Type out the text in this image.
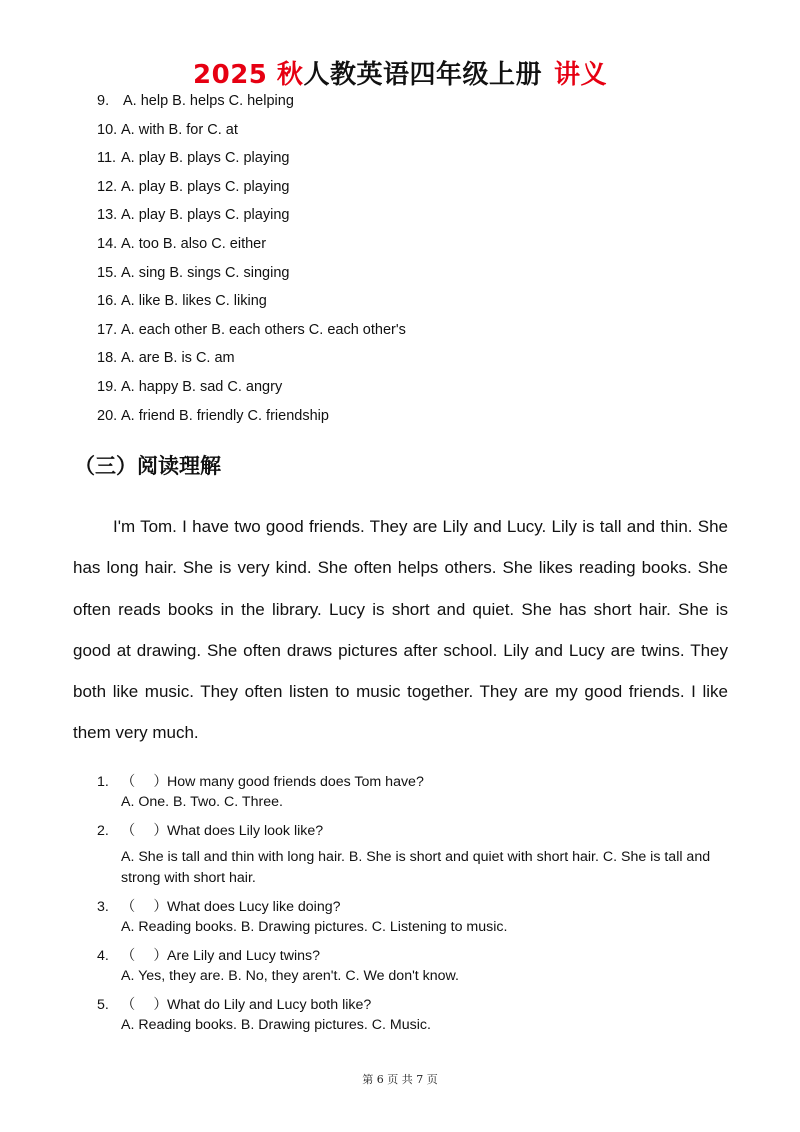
2025 秋人教英语四年级上册 讲义
9. A. help B. helps C. helping
10. A. with B. for C. at
11. A. play B. plays C. playing
12. A. play B. plays C. playing
13. A. play B. plays C. playing
14. A. too B. also C. either
15. A. sing B. sings C. singing
16. A. like B. likes C. liking
17. A. each other B. each others C. each other's
18. A. are B. is C. am
19. A. happy B. sad C. angry
20. A. friend B. friendly C. friendship
（三）阅读理解
I'm Tom. I have two good friends. They are Lily and Lucy. Lily is tall and thin. She has long hair. She is very kind. She often helps others. She likes reading books. She often reads books in the library. Lucy is short and quiet. She has short hair. She is good at drawing. She often draws pictures after school. Lily and Lucy are twins. They both like music. They often listen to music together. They are my good friends. I like them very much.
1. （　 ） How many good friends does Tom have?
A. One. B. Two. C. Three.
2. （　 ） What does Lily look like?
A. She is tall and thin with long hair. B. She is short and quiet with short hair. C. She is tall and strong with short hair.
3. （　 ） What does Lucy like doing?
A. Reading books. B. Drawing pictures. C. Listening to music.
4. （　 ） Are Lily and Lucy twins?
A. Yes, they are. B. No, they aren't. C. We don't know.
5. （　 ） What do Lily and Lucy both like?
A. Reading books. B. Drawing pictures. C. Music.
第 6 页 共 7 页
